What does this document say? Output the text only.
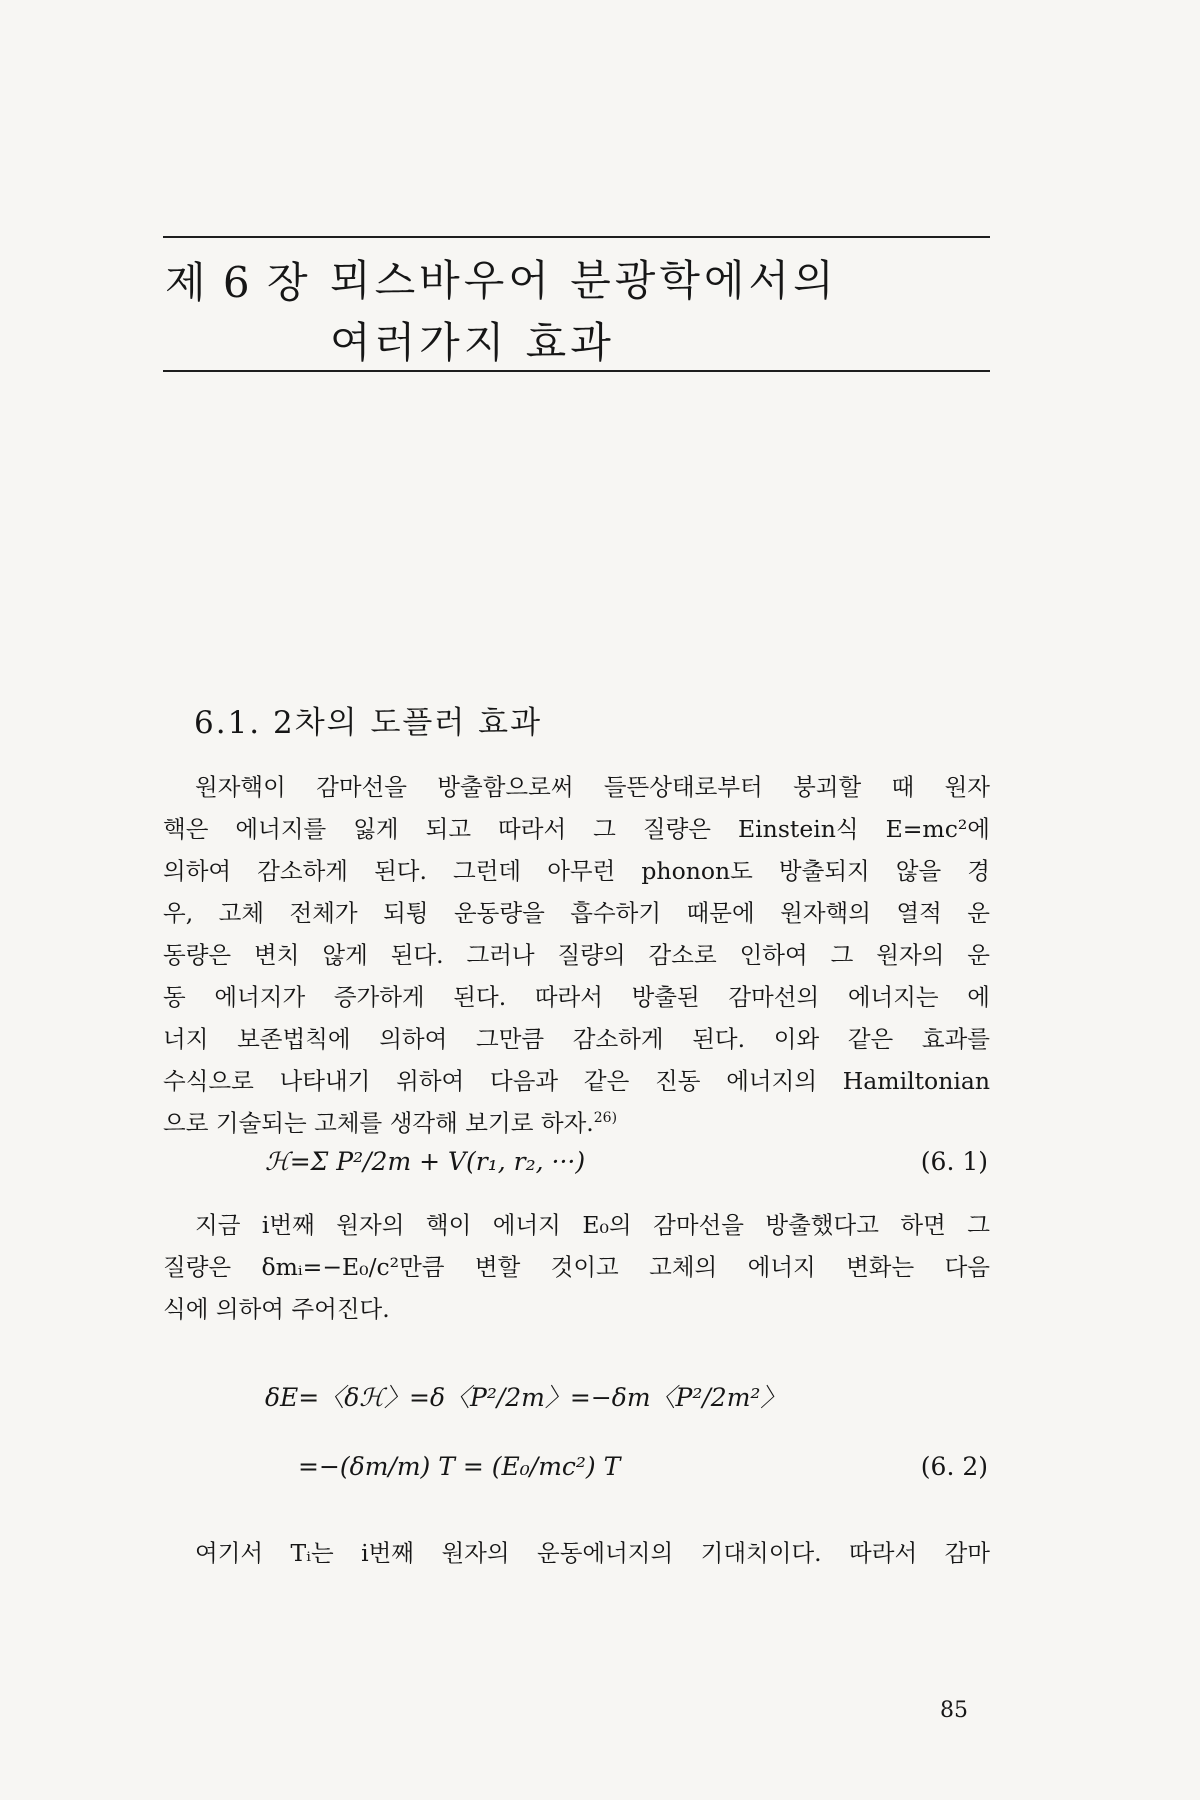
제 6 장 뫼스바우어 분광학에서의
여러가지 효과
6.1. 2차의 도플러 효과
원자핵이 감마선을 방출함으로써 들뜬상태로부터 붕괴할 때 원자
핵은 에너지를 잃게 되고 따라서 그 질량은 Einstein식 E=mc²에
의하여 감소하게 된다. 그런데 아무런 phonon도 방출되지 않을 경
우, 고체 전체가 되튕 운동량을 흡수하기 때문에 원자핵의 열적 운
동량은 변치 않게 된다. 그러나 질량의 감소로 인하여 그 원자의 운
동 에너지가 증가하게 된다. 따라서 방출된 감마선의 에너지는 에
너지 보존법칙에 의하여 그만큼 감소하게 된다. 이와 같은 효과를
수식으로 나타내기 위하여 다음과 같은 진동 에너지의 Hamiltonian
으로 기술되는 고체를 생각해 보기로 하자.$^{26)}$
ℋ=Σ P²/2m + V(r₁, r₂, ···)	(6. 1)
지금 i번째 원자의 핵이 에너지 E₀의 감마선을 방출했다고 하면 그
질량은 δmᵢ=−E₀/c²만큼 변할 것이고 고체의 에너지 변화는 다음
식에 의하여 주어진다.
δE=〈δℋ〉=δ〈P²/2m〉=−δm〈P²/2m²〉
=−(δm/m) T = (E₀/mc²) T	(6. 2)
여기서 Tᵢ는 i번째 원자의 운동에너지의 기대치이다. 따라서 감마
85
